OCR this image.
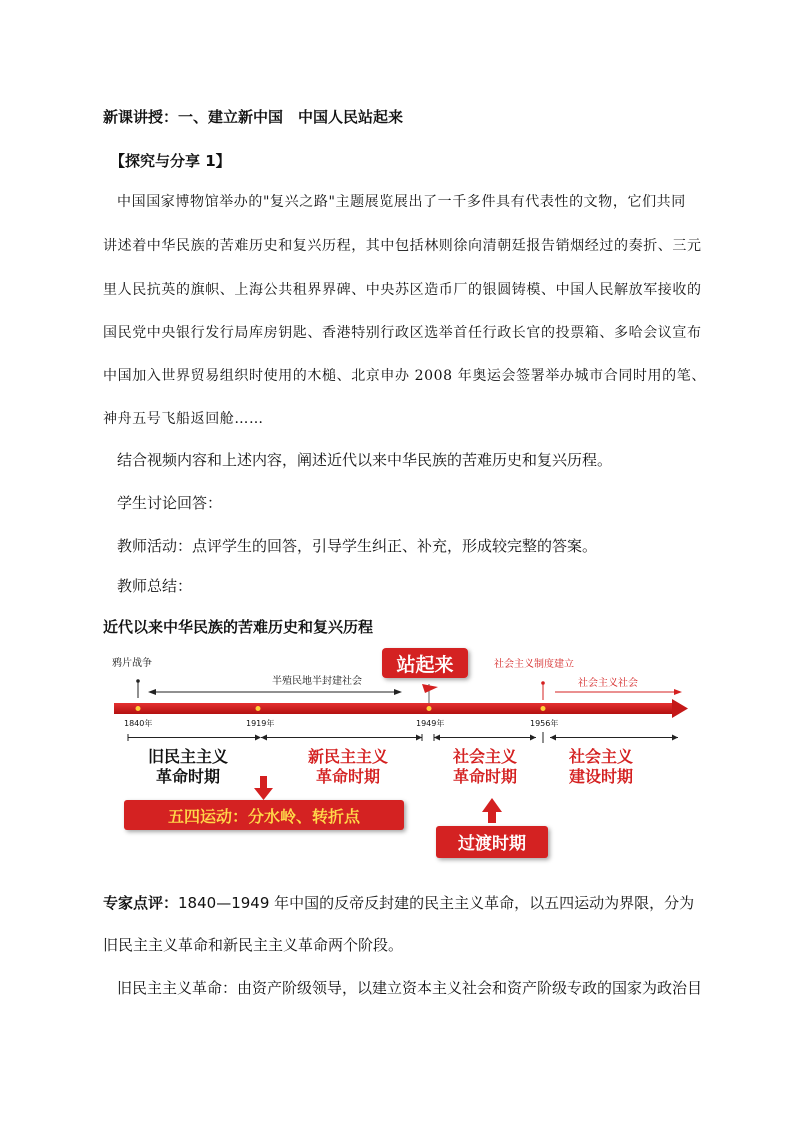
新课讲授：一、建立新中国　中国人民站起来
【探究与分享 1】
中国国家博物馆举办的"复兴之路"主题展览展出了一千多件具有代表性的文物，它们共同
讲述着中华民族的苦难历史和复兴历程，其中包括林则徐向清朝廷报告销烟经过的奏折、三元
里人民抗英的旗帜、上海公共租界界碑、中央苏区造币厂的银圆铸模、中国人民解放军接收的
国民党中央银行发行局库房钥匙、香港特别行政区选举首任行政长官的投票箱、多哈会议宣布
中国加入世界贸易组织时使用的木槌、北京申办 2008 年奥运会签署举办城市合同时用的笔、
神舟五号飞船返回舱……
结合视频内容和上述内容，阐述近代以来中华民族的苦难历史和复兴历程。
学生讨论回答：
教师活动：点评学生的回答，引导学生纠正、补充，形成较完整的答案。
教师总结：
近代以来中华民族的苦难历史和复兴历程
鸦片战争
半殖民地半封建社会
站起来	社会主义制度建立
社会主义社会
1840年	1919年	1949年	1956年
旧民主主义
革命时期
新民主主义
革命时期
社会主义
革命时期
社会主义
建设时期
五四运动：分水岭、转折点
过渡时期
专家点评：1840—1949 年中国的反帝反封建的民主主义革命，以五四运动为界限，分为
旧民主主义革命和新民主主义革命两个阶段。
旧民主主义革命：由资产阶级领导，以建立资本主义社会和资产阶级专政的国家为政治目
